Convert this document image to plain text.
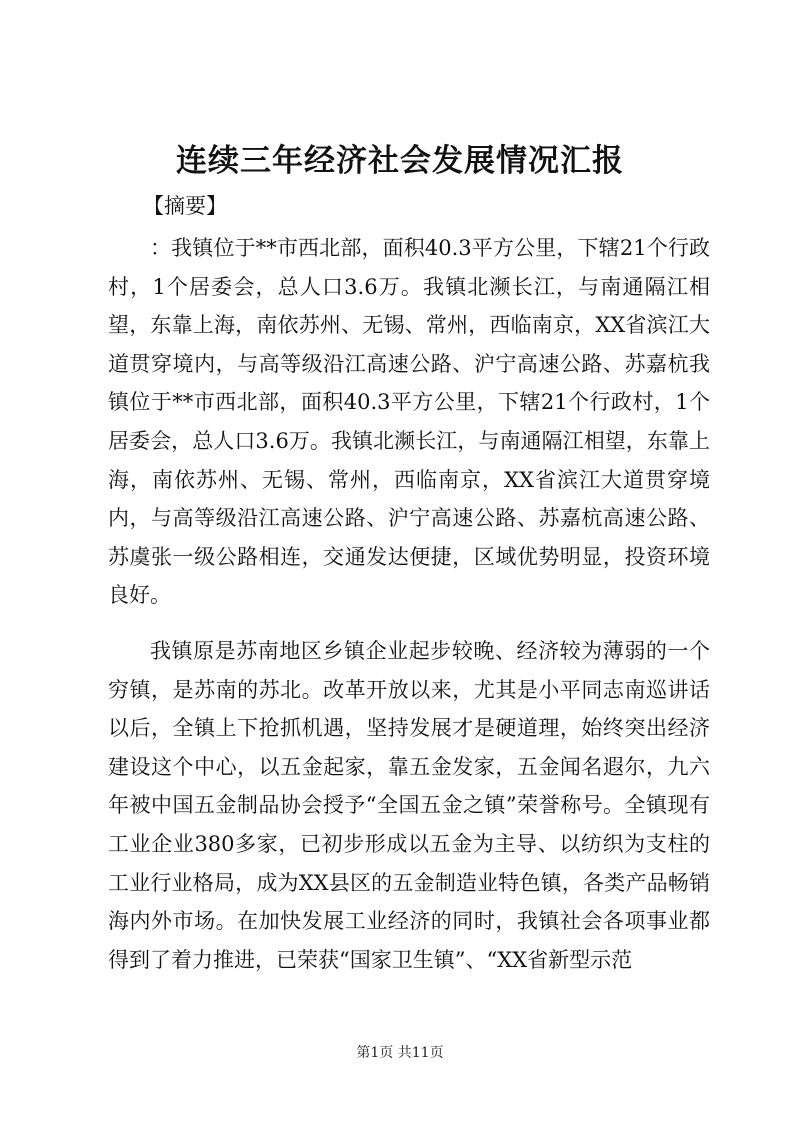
连续三年经济社会发展情况汇报

【摘要】

：我镇位于**市西北部，面积40.3平方公里，下辖21个行政村，1个居委会，总人口3.6万。我镇北濒长江，与南通隔江相望，东靠上海，南依苏州、无锡、常州，西临南京，XX省滨江大道贯穿境内，与高等级沿江高速公路、沪宁高速公路、苏嘉杭我镇位于**市西北部，面积40.3平方公里，下辖21个行政村，1个居委会，总人口3.6万。我镇北濒长江，与南通隔江相望，东靠上海，南依苏州、无锡、常州，西临南京，XX省滨江大道贯穿境内，与高等级沿江高速公路、沪宁高速公路、苏嘉杭高速公路、苏虞张一级公路相连，交通发达便捷，区域优势明显，投资环境良好。

我镇原是苏南地区乡镇企业起步较晚、经济较为薄弱的一个穷镇，是苏南的苏北。改革开放以来，尤其是小平同志南巡讲话以后，全镇上下抢抓机遇，坚持发展才是硬道理，始终突出经济建设这个中心，以五金起家，靠五金发家，五金闻名遐尔，九六年被中国五金制品协会授予“全国五金之镇”荣誉称号。全镇现有工业企业380多家，已初步形成以五金为主导、以纺织为支柱的工业行业格局，成为XX县区的五金制造业特色镇，各类产品畅销海内外市场。在加快发展工业经济的同时，我镇社会各项事业都得到了着力推进，已荣获“国家卫生镇”、“XX省新型示范

第1页 共11页
